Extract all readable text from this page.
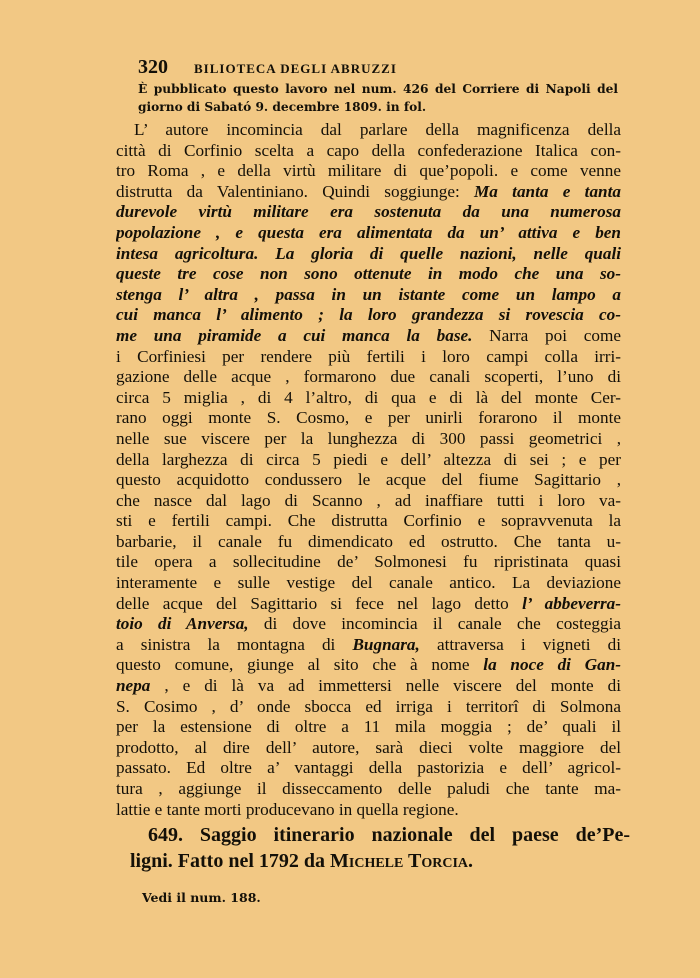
320 BILIOTECA DEGLI ABRUZZI
È pubblicato questo lavoro nel num. 426 del Corriere di Napoli del
giorno di Sabató 9. decembre 1809. in fol.
L’ autore incomincia dal parlare della magnificenza della
città di Corfinio scelta a capo della confederazione Italica con-
tro Roma , e della virtù militare di que’popoli. e come venne
distrutta da Valentiniano. Quindi soggiunge: Ma tanta e tanta
durevole virtù militare era sostenuta da una numerosa
popolazione , e questa era alimentata da un’ attiva e ben
intesa agricoltura. La gloria di quelle nazioni, nelle quali
queste tre cose non sono ottenute in modo che una so-
stenga l’ altra , passa in un istante come un lampo a
cui manca l’ alimento ; la loro grandezza si rovescia co-
me una piramide a cui manca la base. Narra poi come
i Corfiniesi per rendere più fertili i loro campi colla irri-
gazione delle acque , formarono due canali scoperti, l’uno di
circa 5 miglia , di 4 l’altro, di qua e di là del monte Cer-
rano oggi monte S. Cosmo, e per unirli forarono il monte
nelle sue viscere per la lunghezza di 300 passi geometrici ,
della larghezza di circa 5 piedi e dell’ altezza di sei ; e per
questo acquidotto condussero le acque del fiume Sagittario ,
che nasce dal lago di Scanno , ad inaffiare tutti i loro va-
sti e fertili campi. Che distrutta Corfinio e sopravvenuta la
barbarie, il canale fu dimendicato ed ostrutto. Che tanta u-
tile opera a sollecitudine de’ Solmonesi fu ripristinata quasi
interamente e sulle vestige del canale antico. La deviazione
delle acque del Sagittario si fece nel lago detto l’ abbeverra-
toio di Anversa, di dove incomincia il canale che costeggia
a sinistra la montagna di Bugnara, attraversa i vigneti di
questo comune, giunge al sito che à nome la noce di Gan-
nepa , e di là va ad immettersi nelle viscere del monte di
S. Cosimo , d’ onde sbocca ed irriga i territorî di Solmona
per la estensione di oltre a 11 mila moggia ; de’ quali il
prodotto, al dire dell’ autore, sarà dieci volte maggiore del
passato. Ed oltre a’ vantaggi della pastorizia e dell’ agricol-
tura , aggiunge il disseccamento delle paludi che tante ma-
lattie e tante morti producevano in quella regione.
649. Saggio itinerario nazionale del paese de’Pe-
ligni. Fatto nel 1792 da Michele Torcia.
Vedi il num. 188.
